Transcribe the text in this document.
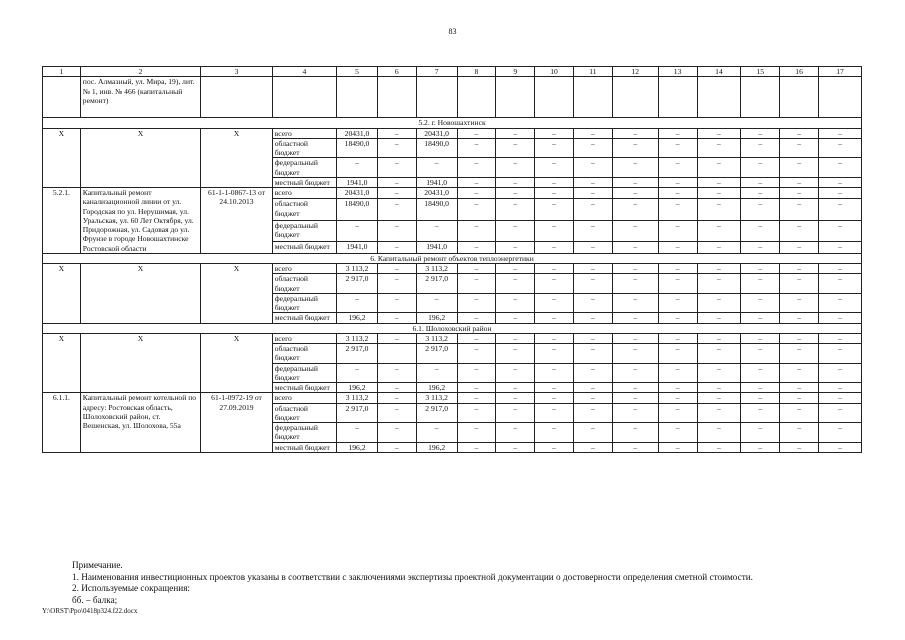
83
1	2	3	4	5	6	7	8	9	10	11	12	13	14	15	16	17
	пос. Алмазный, ул. Мира, 19), лит. № 1, инв. № 466 (капитальный ремонт)															
5.2. г. Новошахтинск																
X	X	X	всего	20431,0	–	20431,0	–	–	–	–	–	–	–	–	–	–
			областной бюджет	18490,0	–	18490,0	–	–	–	–	–	–	–	–	–	–
			федеральный бюджет	–	–	–	–	–	–	–	–	–	–	–	–	–
			местный бюджет	1941,0	–	1941,0	–	–	–	–	–	–	–	–	–	–
5.2.1.	Капитальный ремонт канализационной линии от ул. Городская по ул. Нерушимая, ул. Уральская, ул. 60 Лет Октября, ул. Придорожная, ул. Садовая до ул. Фрунзе в городе Новошахтинске Ростовской области	61-1-1-0867-13 от 24.10.2013	всего	20431,0	–	20431,0	–	–	–	–	–	–	–	–	–	–
			областной бюджет	18490,0	–	18490,0	–	–	–	–	–	–	–	–	–	–
			федеральный бюджет	–	–	–	–	–	–	–	–	–	–	–	–	–
			местный бюджет	1941,0	–	1941,0	–	–	–	–	–	–	–	–	–	–
6. Капитальный ремонт объектов теплоэнергетики																
X	X	X	всего	3 113,2	–	3 113,2	–	–	–	–	–	–	–	–	–	–
			областной бюджет	2 917,0	–	2 917,0	–	–	–	–	–	–	–	–	–	–
			федеральный бюджет	–	–	–	–	–	–	–	–	–	–	–	–	–
			местный бюджет	196,2	–	196,2	–	–	–	–	–	–	–	–	–	–
6.1. Шолоховский район																
X	X	X	всего	3 113,2	–	3 113,2	–	–	–	–	–	–	–	–	–	–
			областной бюджет	2 917,0		2 917,0	–	–	–	–	–	–	–	–	–	–
			федеральный бюджет	–	–	–	–	–	–	–	–	–	–	–	–	–
			местный бюджет	196,2	–	196,2	–	–	–	–	–	–	–	–	–	–
6.1.1.	Капитальный ремонт котельной по адресу: Ростовская область, Шолоховский район, ст. Вешенская, ул. Шолохова, 55а	61-1-0972-19 от 27.09.2019	всего	3 113,2	–	3 113,2	–	–	–	–	–	–	–	–	–	–
			областной бюджет	2 917,0	–	2 917,0	–	–	–	–	–	–	–	–	–	–
			федеральный бюджет	–	–	–	–	–	–	–	–	–	–	–	–	–
			местный бюджет	196,2	–	196,2	–	–	–	–	–	–	–	–	–	–
Примечание.
1. Наименования инвестиционных проектов указаны в соответствии с заключениями экспертизы проектной документации о достоверности определения сметной стоимости.
2. Используемые сокращения:
бб. – балка;
Y:\ORST\Ppo\0418p324.f22.docx
